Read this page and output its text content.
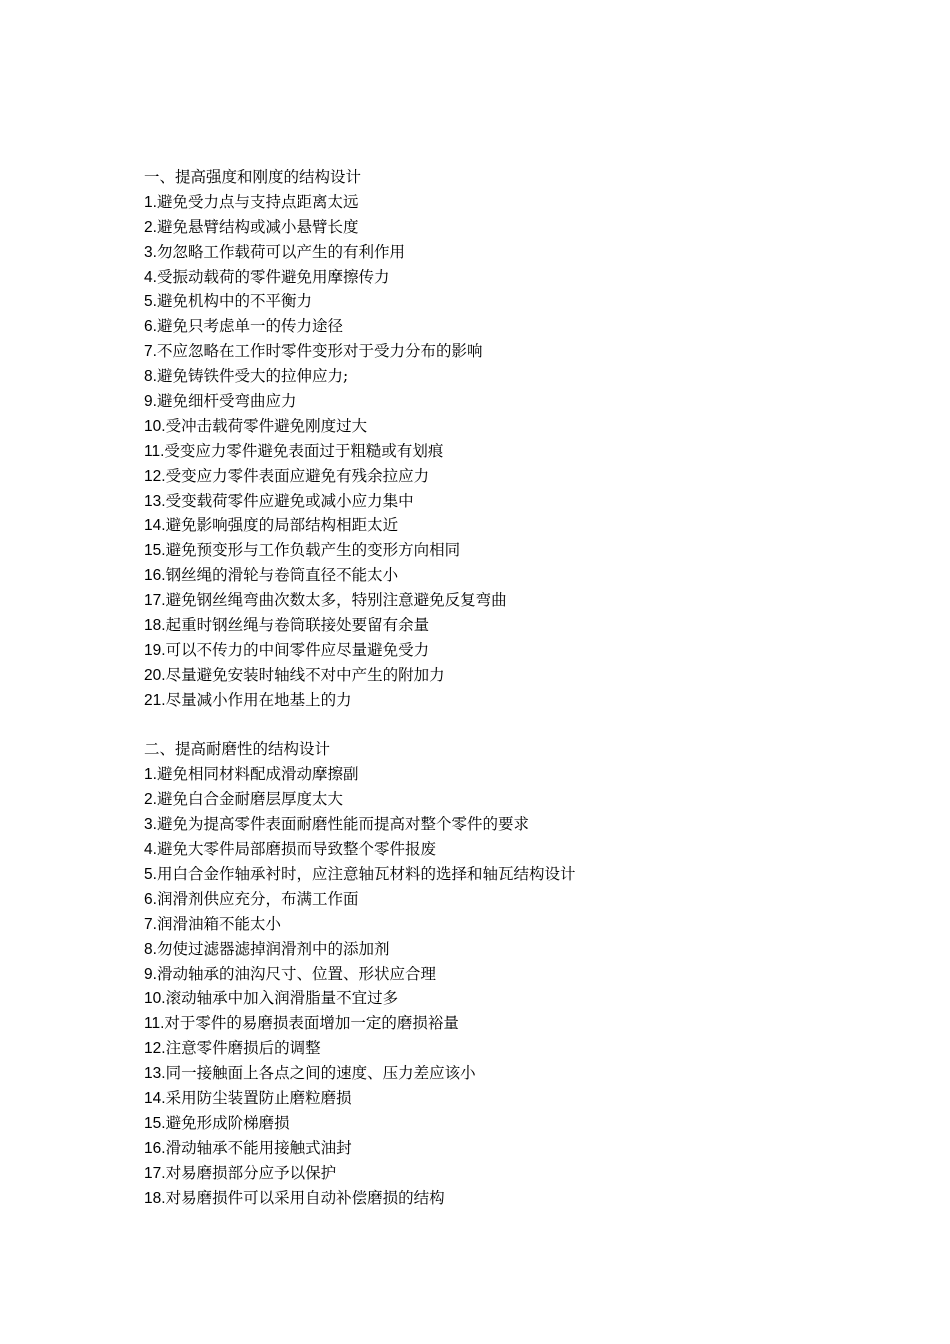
一、提高强度和刚度的结构设计
1.避免受力点与支持点距离太远
2.避免悬臂结构或减小悬臂长度
3.勿忽略工作载荷可以产生的有利作用
4.受振动载荷的零件避免用摩擦传力
5.避免机构中的不平衡力
6.避免只考虑单一的传力途径
7.不应忽略在工作时零件变形对于受力分布的影响
8.避免铸铁件受大的拉伸应力;
9.避免细杆受弯曲应力
10.受冲击载荷零件避免刚度过大
11.受变应力零件避免表面过于粗糙或有划痕
12.受变应力零件表面应避免有残余拉应力
13.受变载荷零件应避免或减小应力集中
14.避免影响强度的局部结构相距太近
15.避免预变形与工作负载产生的变形方向相同
16.钢丝绳的滑轮与卷筒直径不能太小
17.避免钢丝绳弯曲次数太多，特别注意避免反复弯曲
18.起重时钢丝绳与卷筒联接处要留有余量
19.可以不传力的中间零件应尽量避免受力
20.尽量避免安装时轴线不对中产生的附加力
21.尽量减小作用在地基上的力
二、提高耐磨性的结构设计
1.避免相同材料配成滑动摩擦副
2.避免白合金耐磨层厚度太大
3.避免为提高零件表面耐磨性能而提高对整个零件的要求
4.避免大零件局部磨损而导致整个零件报废
5.用白合金作轴承衬时，应注意轴瓦材料的选择和轴瓦结构设计
6.润滑剂供应充分，布满工作面
7.润滑油箱不能太小
8.勿使过滤器滤掉润滑剂中的添加剂
9.滑动轴承的油沟尺寸、位置、形状应合理
10.滚动轴承中加入润滑脂量不宜过多
11.对于零件的易磨损表面增加一定的磨损裕量
12.注意零件磨损后的调整
13.同一接触面上各点之间的速度、压力差应该小
14.采用防尘装置防止磨粒磨损
15.避免形成阶梯磨损
16.滑动轴承不能用接触式油封
17.对易磨损部分应予以保护
18.对易磨损件可以采用自动补偿磨损的结构
